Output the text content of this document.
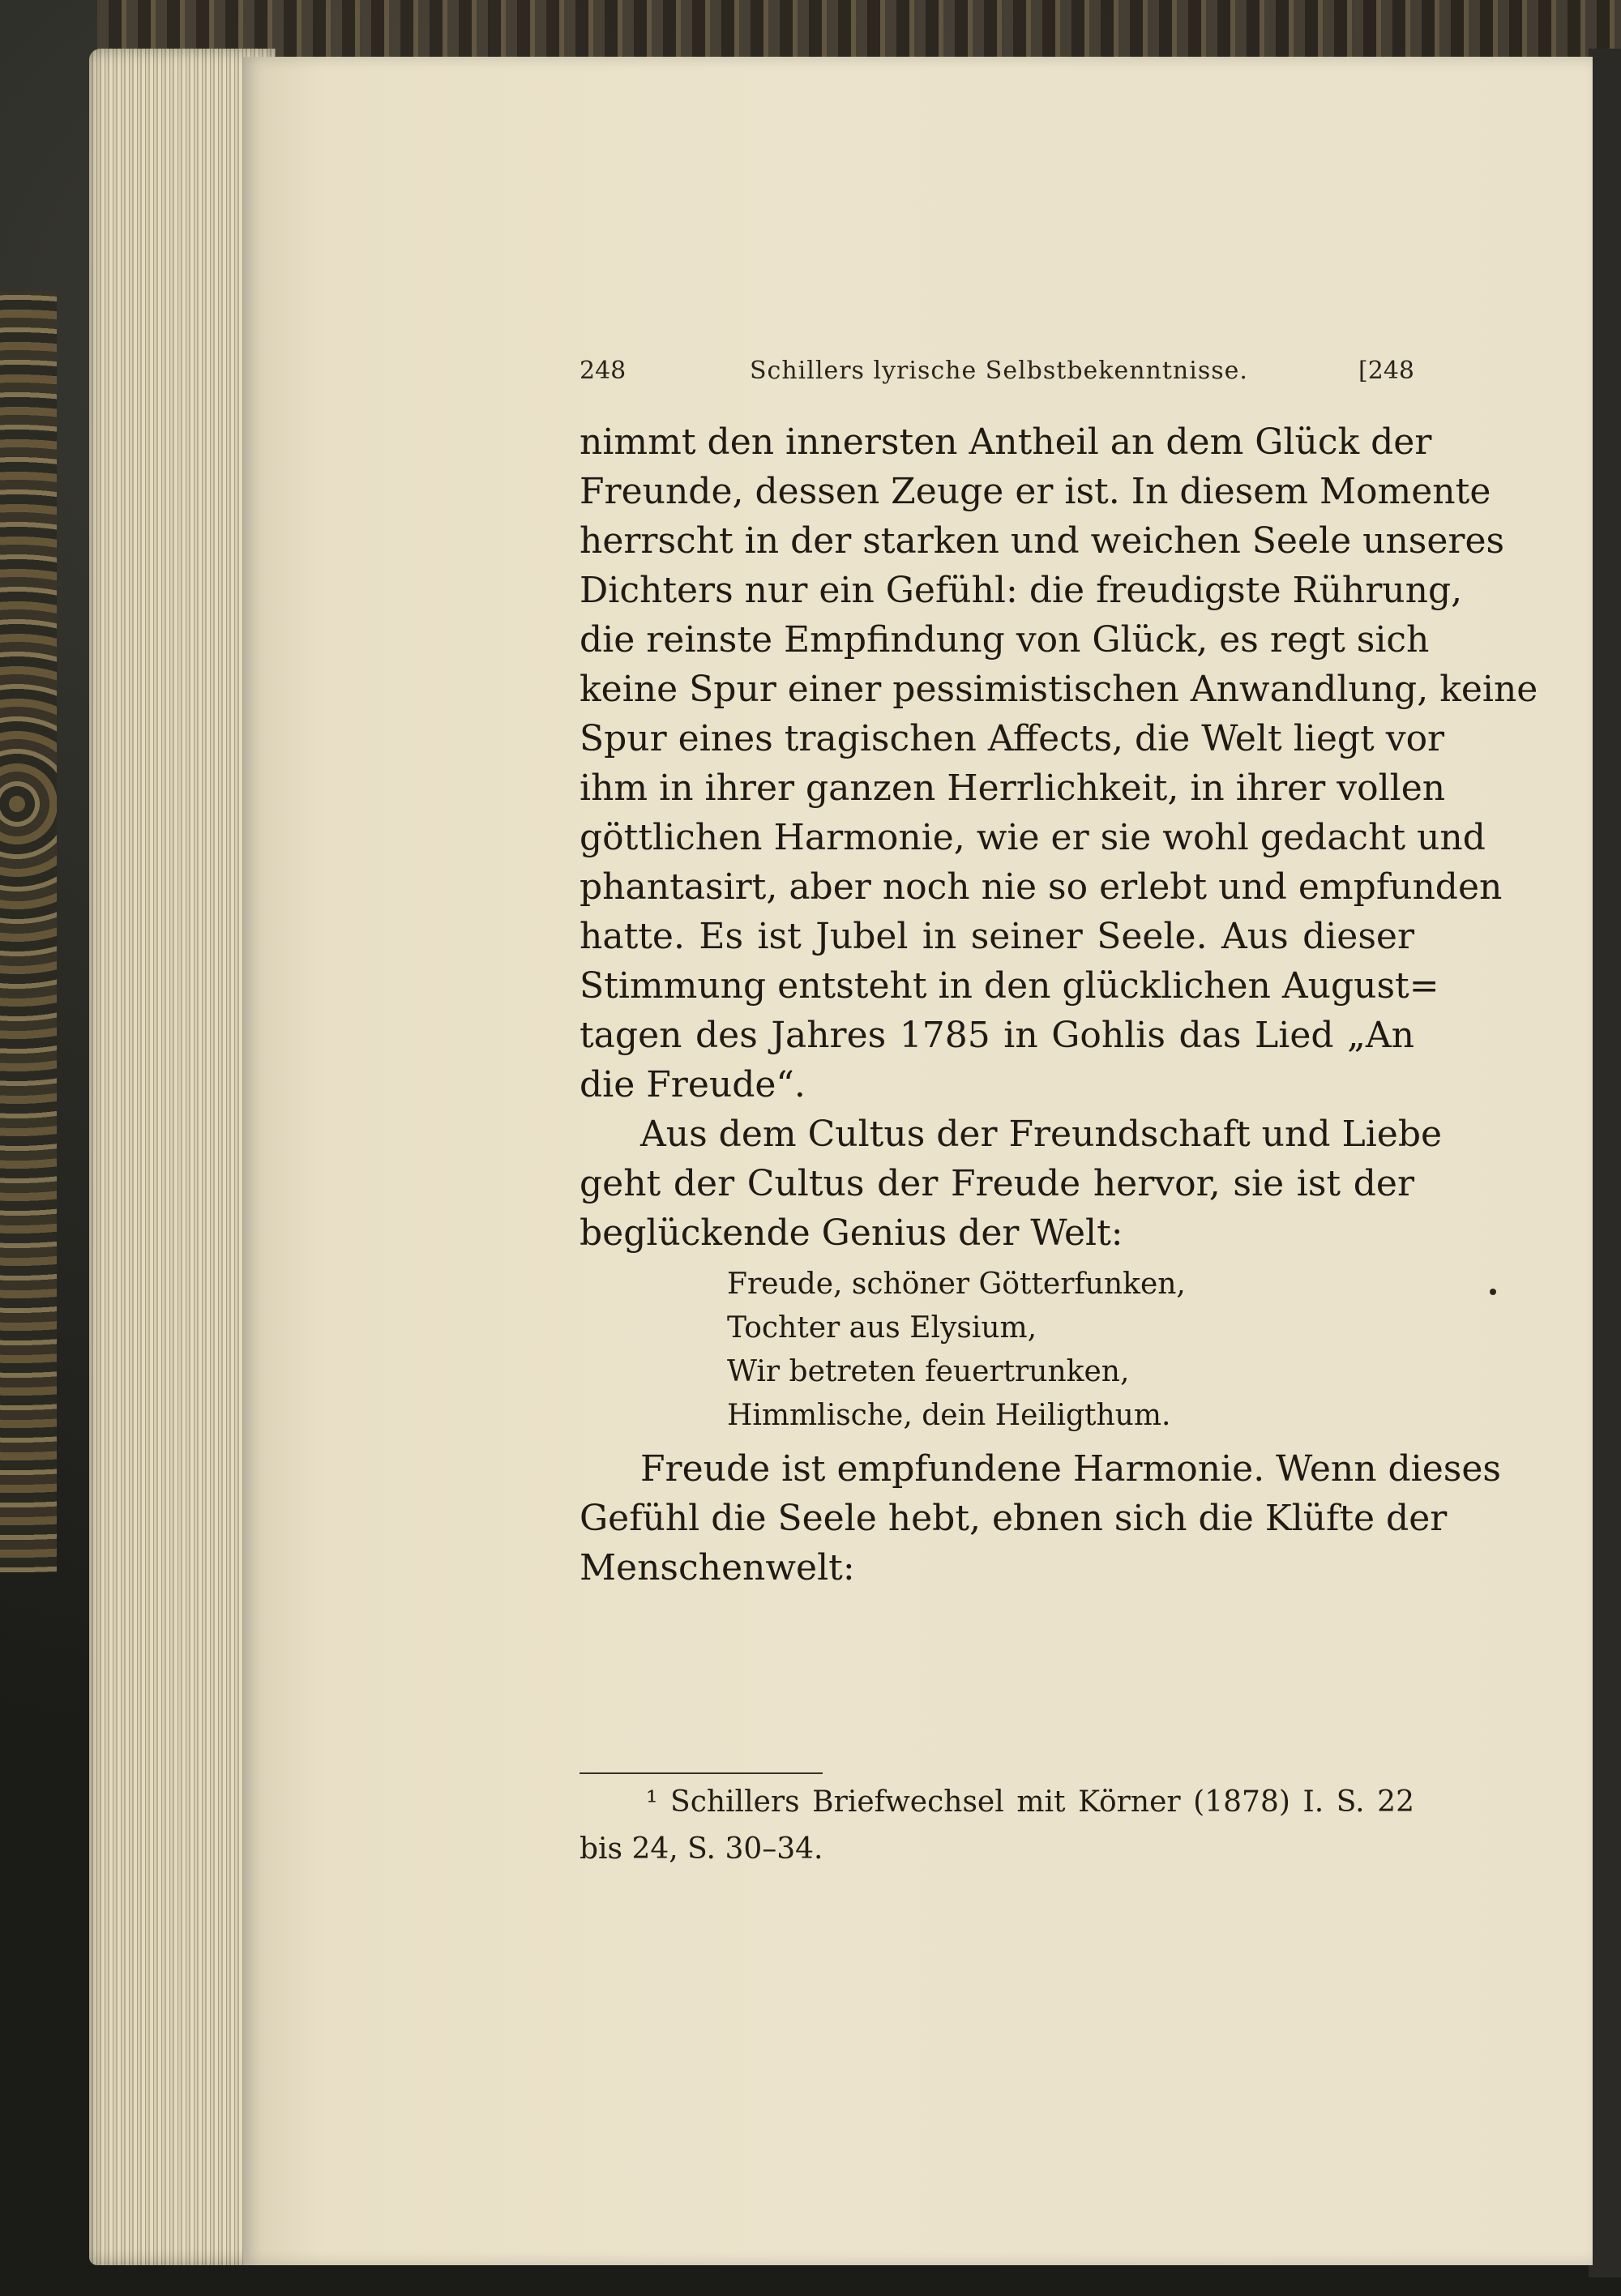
248	Schillers lyrische Selbstbekenntnisse.	[248
nimmt den innersten Antheil an dem Glück der
Freunde, dessen Zeuge er ist. In diesem Momente
herrscht in der starken und weichen Seele unseres
Dichters nur ein Gefühl: die freudigste Rührung,
die reinste Empfindung von Glück, es regt sich
keine Spur einer pessimistischen Anwandlung, keine
Spur eines tragischen Affects, die Welt liegt vor
ihm in ihrer ganzen Herrlichkeit, in ihrer vollen
göttlichen Harmonie, wie er sie wohl gedacht und
phantasirt, aber noch nie so erlebt und empfunden
hatte. Es ist Jubel in seiner Seele. Aus dieser
Stimmung entsteht in den glücklichen August=
tagen des Jahres 1785 in Gohlis das Lied „An
die Freude“.
Aus dem Cultus der Freundschaft und Liebe
geht der Cultus der Freude hervor, sie ist der
beglückende Genius der Welt:
Freude, schöner Götterfunken,
Tochter aus Elysium,
Wir betreten feuertrunken,
Himmlische, dein Heiligthum.
Freude ist empfundene Harmonie. Wenn dieses
Gefühl die Seele hebt, ebnen sich die Klüfte der
Menschenwelt:
¹ Schillers Briefwechsel mit Körner (1878) I. S. 22
bis 24, S. 30–34.
